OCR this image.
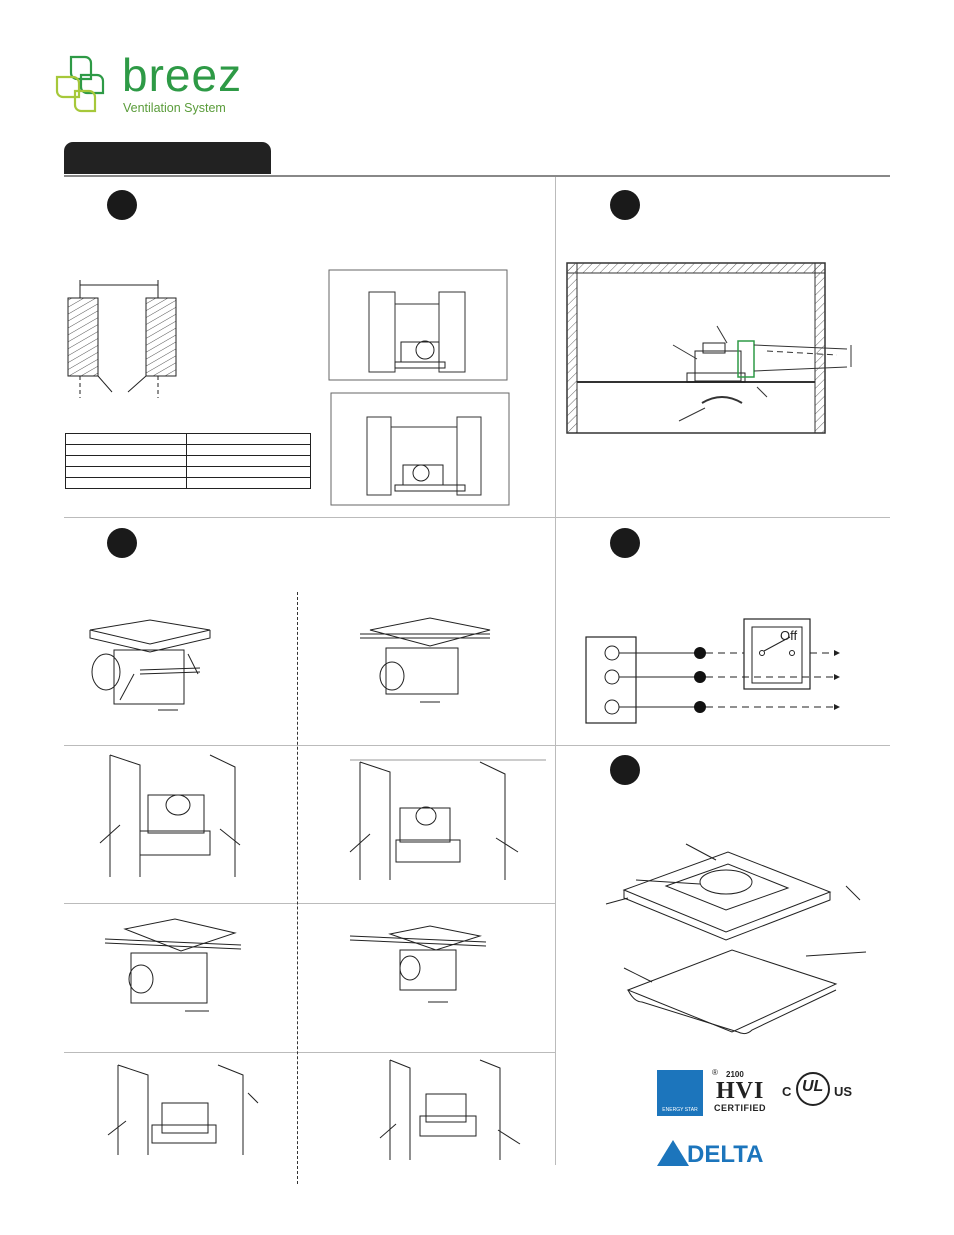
breez
Ventilation System

Off
ENERGY STAR
® 2100
HVI
CERTIFIED
C UL US
DELTA
